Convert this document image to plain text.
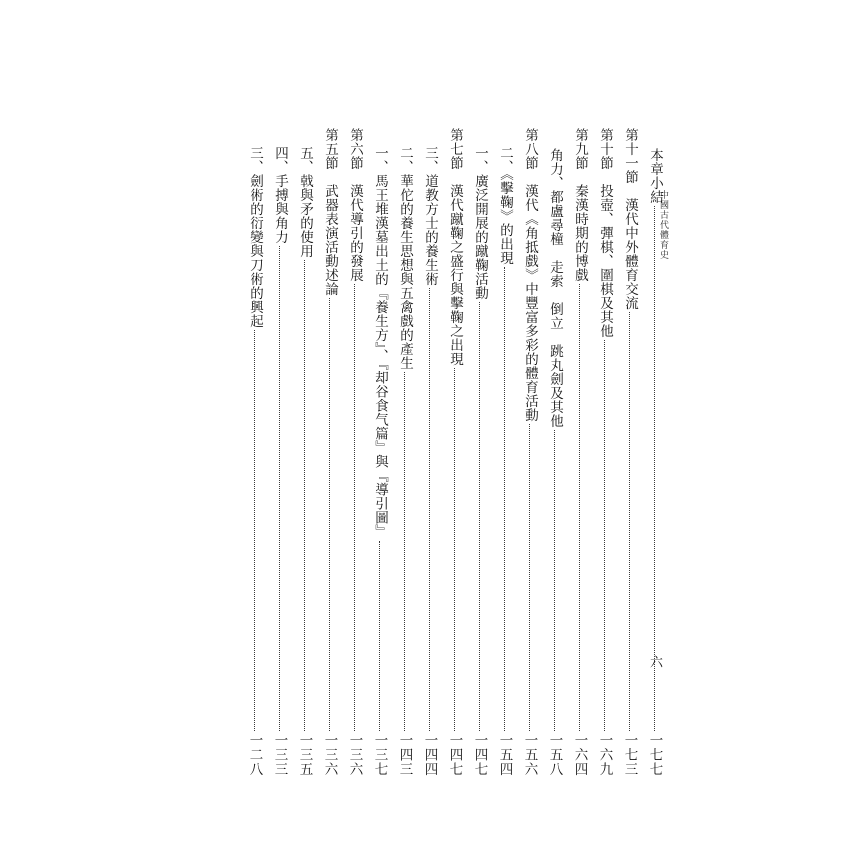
中國古代體育史
六
三、劍術的衍變與刀術的興起
一二八
四、手搏與角力
一三三
五、戟與矛的使用
一三五
第五節　武器表演活動述論
一三六
第六節　漢代導引的發展
一三六
一、馬王堆漢墓出土的『養生方』、『却谷食气篇』與『導引圖』
一三七
二、華佗的養生思想與五禽戲的產生
一四三
三、道教方士的養生術
一四四
第七節　漢代蹴鞠之盛行與擊鞠之出現
一四七
一、廣泛開展的蹴鞠活動
一四七
二、《擊鞠》的出現
一五四
第八節　漢代《角抵戲》中豐富多彩的體育活動
一五六
角力、都盧尋橦　走索　倒立　跳丸劍及其他
一五八
第九節　秦漢時期的博戲
一六四
第十節　投壺、彈棋、圍棋及其他
一六九
第十一節　漢代中外體育交流
一七三
本章小結
一七七
